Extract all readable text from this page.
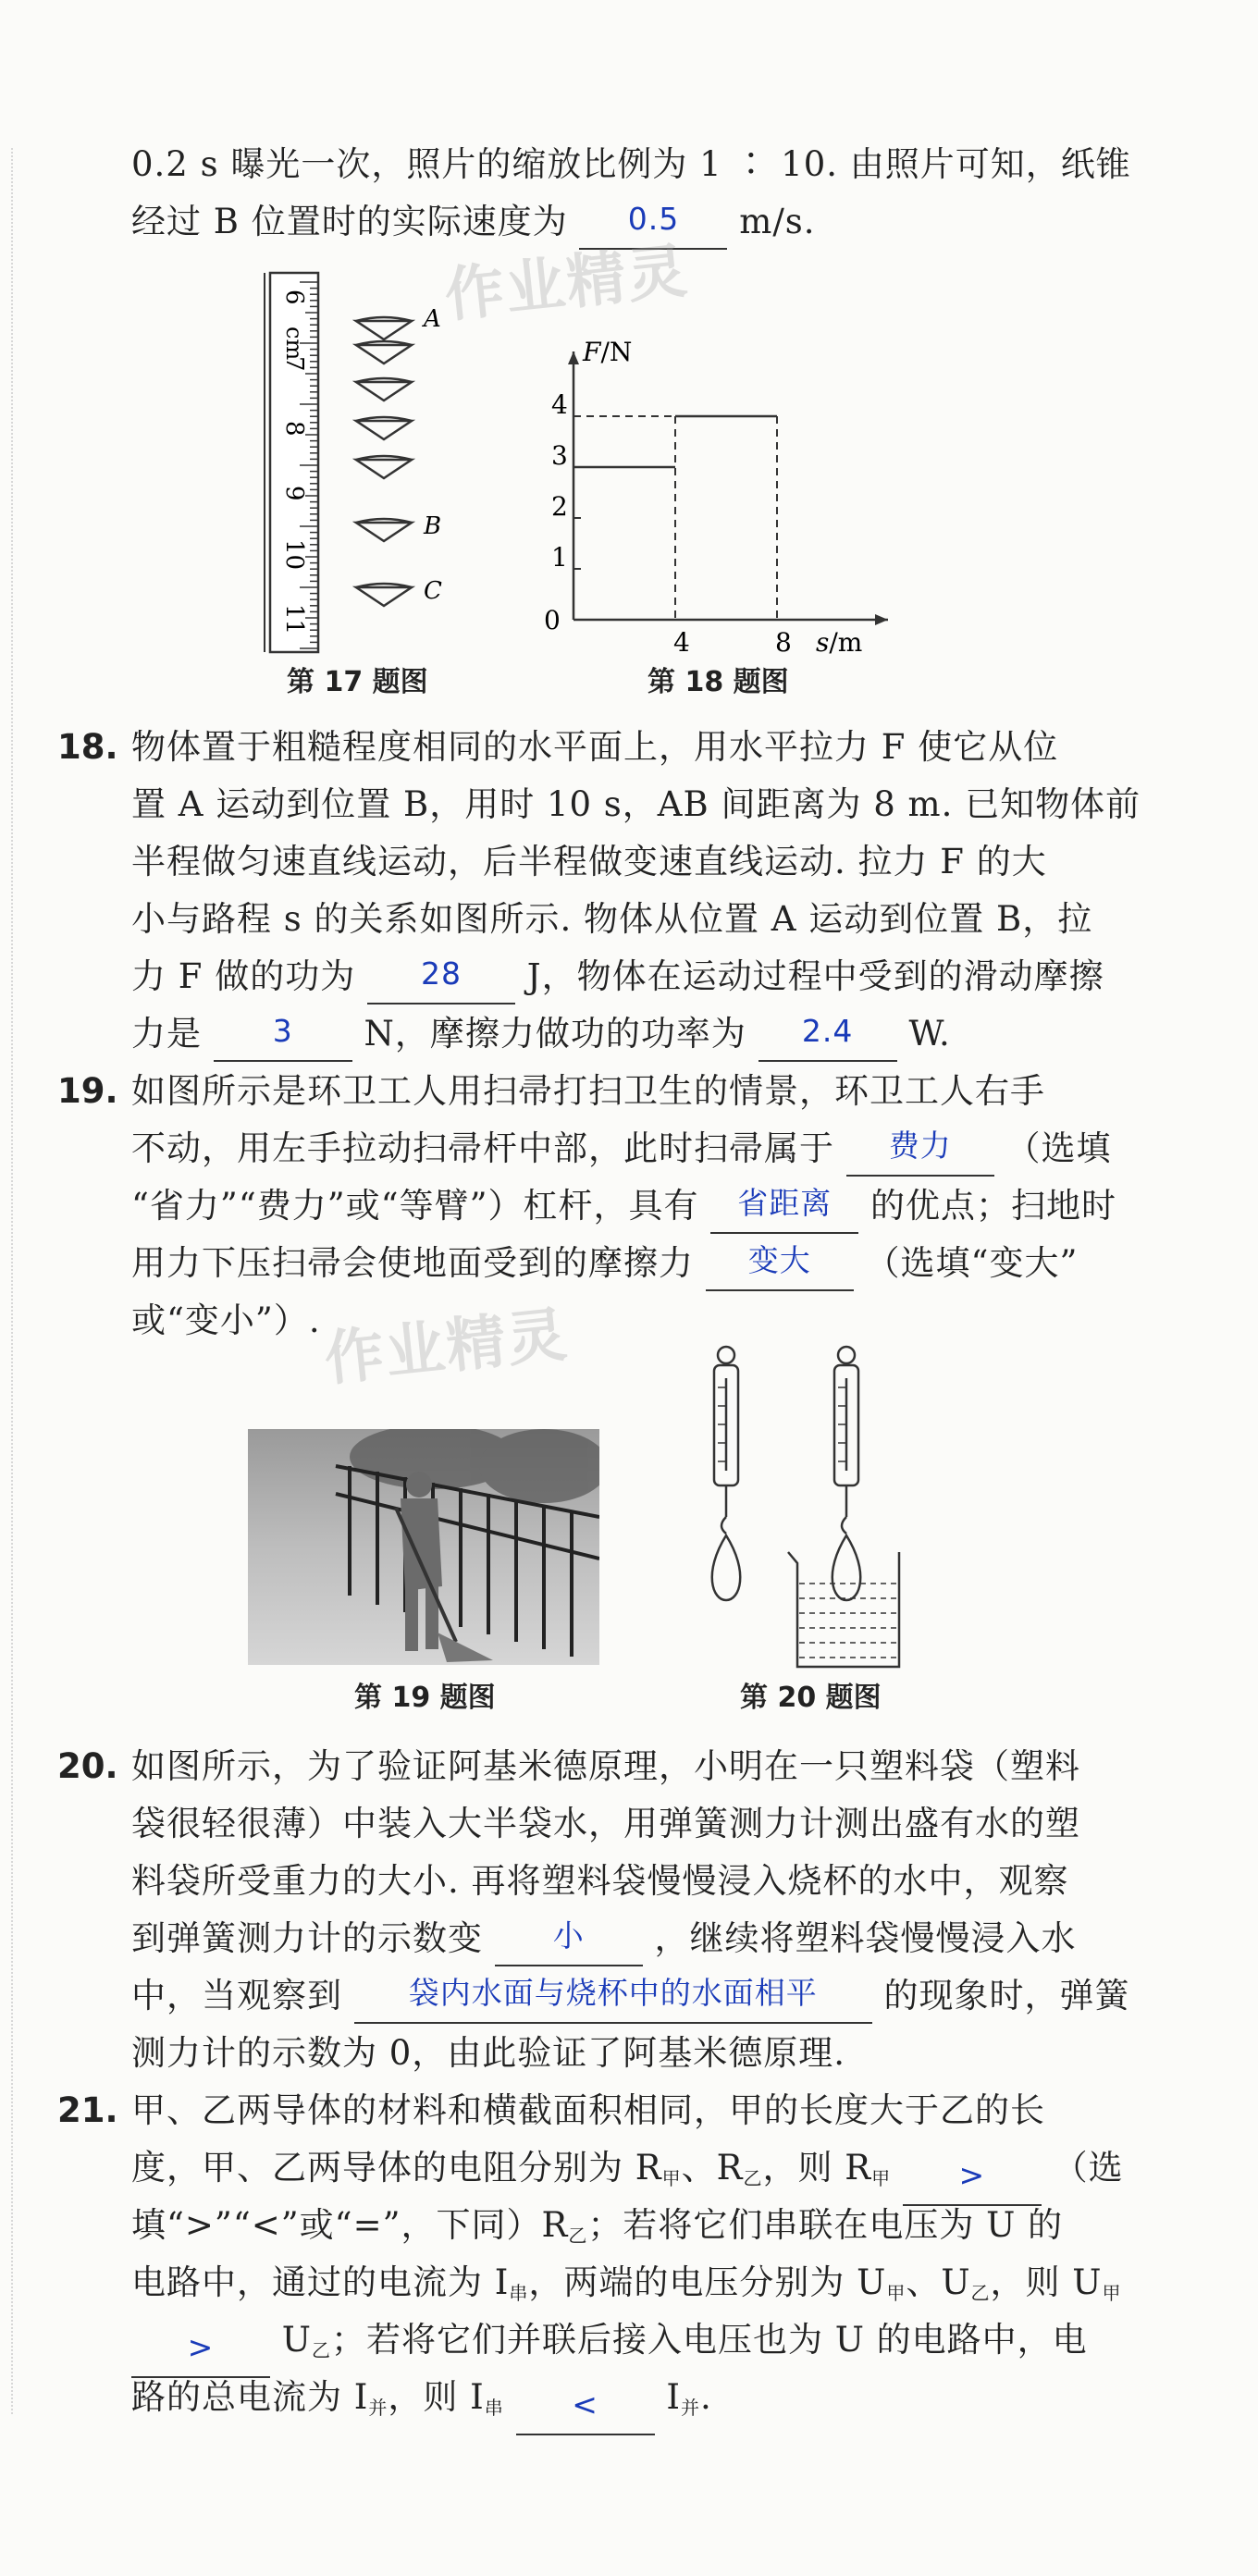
0.2 s 曝光一次，照片的缩放比例为 1 ∶ 10. 由照片可知，纸锥
经过 B 位置时的实际速度为 0.5 m/s.
作业精灵
6
cm
7
8
9
10
11
A
B
C
F/N
s/m
0
1
2
3
4
4	8
第 17 题图	第 18 题图
18. 物体置于粗糙程度相同的水平面上，用水平拉力 F 使它从位
置 A 运动到位置 B，用时 10 s，AB 间距离为 8 m. 已知物体前
半程做匀速直线运动，后半程做变速直线运动. 拉力 F 的大
小与路程 s 的关系如图所示. 物体从位置 A 运动到位置 B，拉
力 F 做的功为 28 J，物体在运动过程中受到的滑动摩擦
力是 3 N，摩擦力做功的功率为 2.4 W.
19. 如图所示是环卫工人用扫帚打扫卫生的情景，环卫工人右手
不动，用左手拉动扫帚杆中部，此时扫帚属于 费力 （选填
“省力”“费力”或“等臂”）杠杆，具有 省距离 的优点；扫地时
用力下压扫帚会使地面受到的摩擦力 变大 （选填“变大”
或“变小”）. 作业精灵
第 19 题图	第 20 题图
20. 如图所示，为了验证阿基米德原理，小明在一只塑料袋（塑料
袋很轻很薄）中装入大半袋水，用弹簧测力计测出盛有水的塑
料袋所受重力的大小. 再将塑料袋慢慢浸入烧杯的水中，观察
到弹簧测力计的示数变 小 ，继续将塑料袋慢慢浸入水
中，当观察到 袋内水面与烧杯中的水面相平 的现象时，弹簧
测力计的示数为 0，由此验证了阿基米德原理.
21. 甲、乙两导体的材料和横截面积相同，甲的长度大于乙的长
度，甲、乙两导体的电阻分别为 $R_甲$、$R_乙$，则 $R_甲$ > （选
填“>”“<”或“=”，下同）$R_乙$；若将它们串联在电压为 U 的
电路中，通过的电流为 $I_串$，两端的电压分别为 $U_甲$、$U_乙$，则 $U_甲$
> $U_乙$；若将它们并联后接入电压也为 U 的电路中，电
路的总电流为 $I_并$，则 $I_串 < I_并$.
